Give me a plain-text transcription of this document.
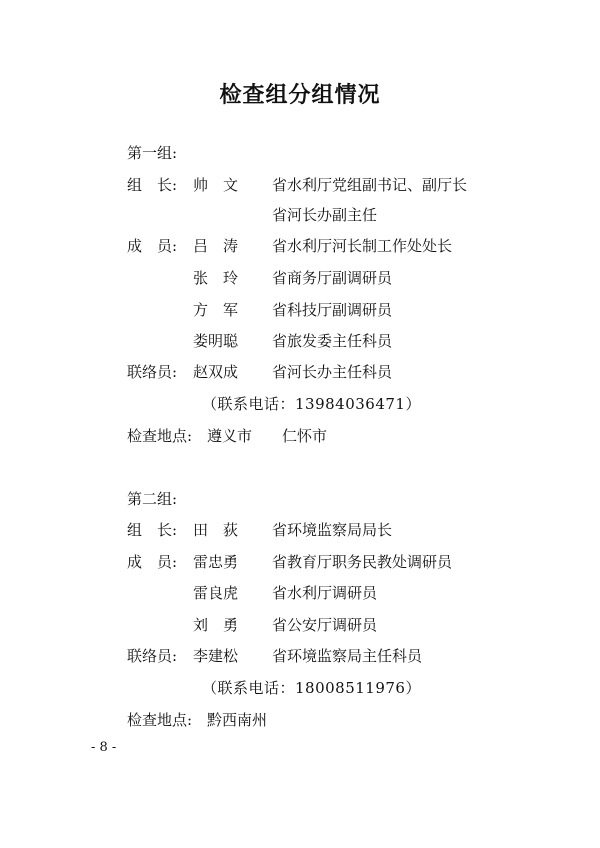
检查组分组情况
第一组:
组　长: 帅　文 省水利厅党组副书记、副厅长
省河长办副主任
成　员: 吕　涛 省水利厅河长制工作处处长
张　玲 省商务厅副调研员
方　军 省科技厅副调研员
娄明聪 省旅发委主任科员
联络员: 赵双成 省河长办主任科员
（联系电话：13984036471）
检查地点: 遵义市　　仁怀市
第二组:
组　长: 田　荻 省环境监察局局长
成　员: 雷忠勇 省教育厅职务民教处调研员
雷良虎 省水利厅调研员
刘　勇 省公安厅调研员
联络员: 李建松 省环境监察局主任科员
（联系电话：18008511976）
检查地点: 黔西南州
- 8 -
